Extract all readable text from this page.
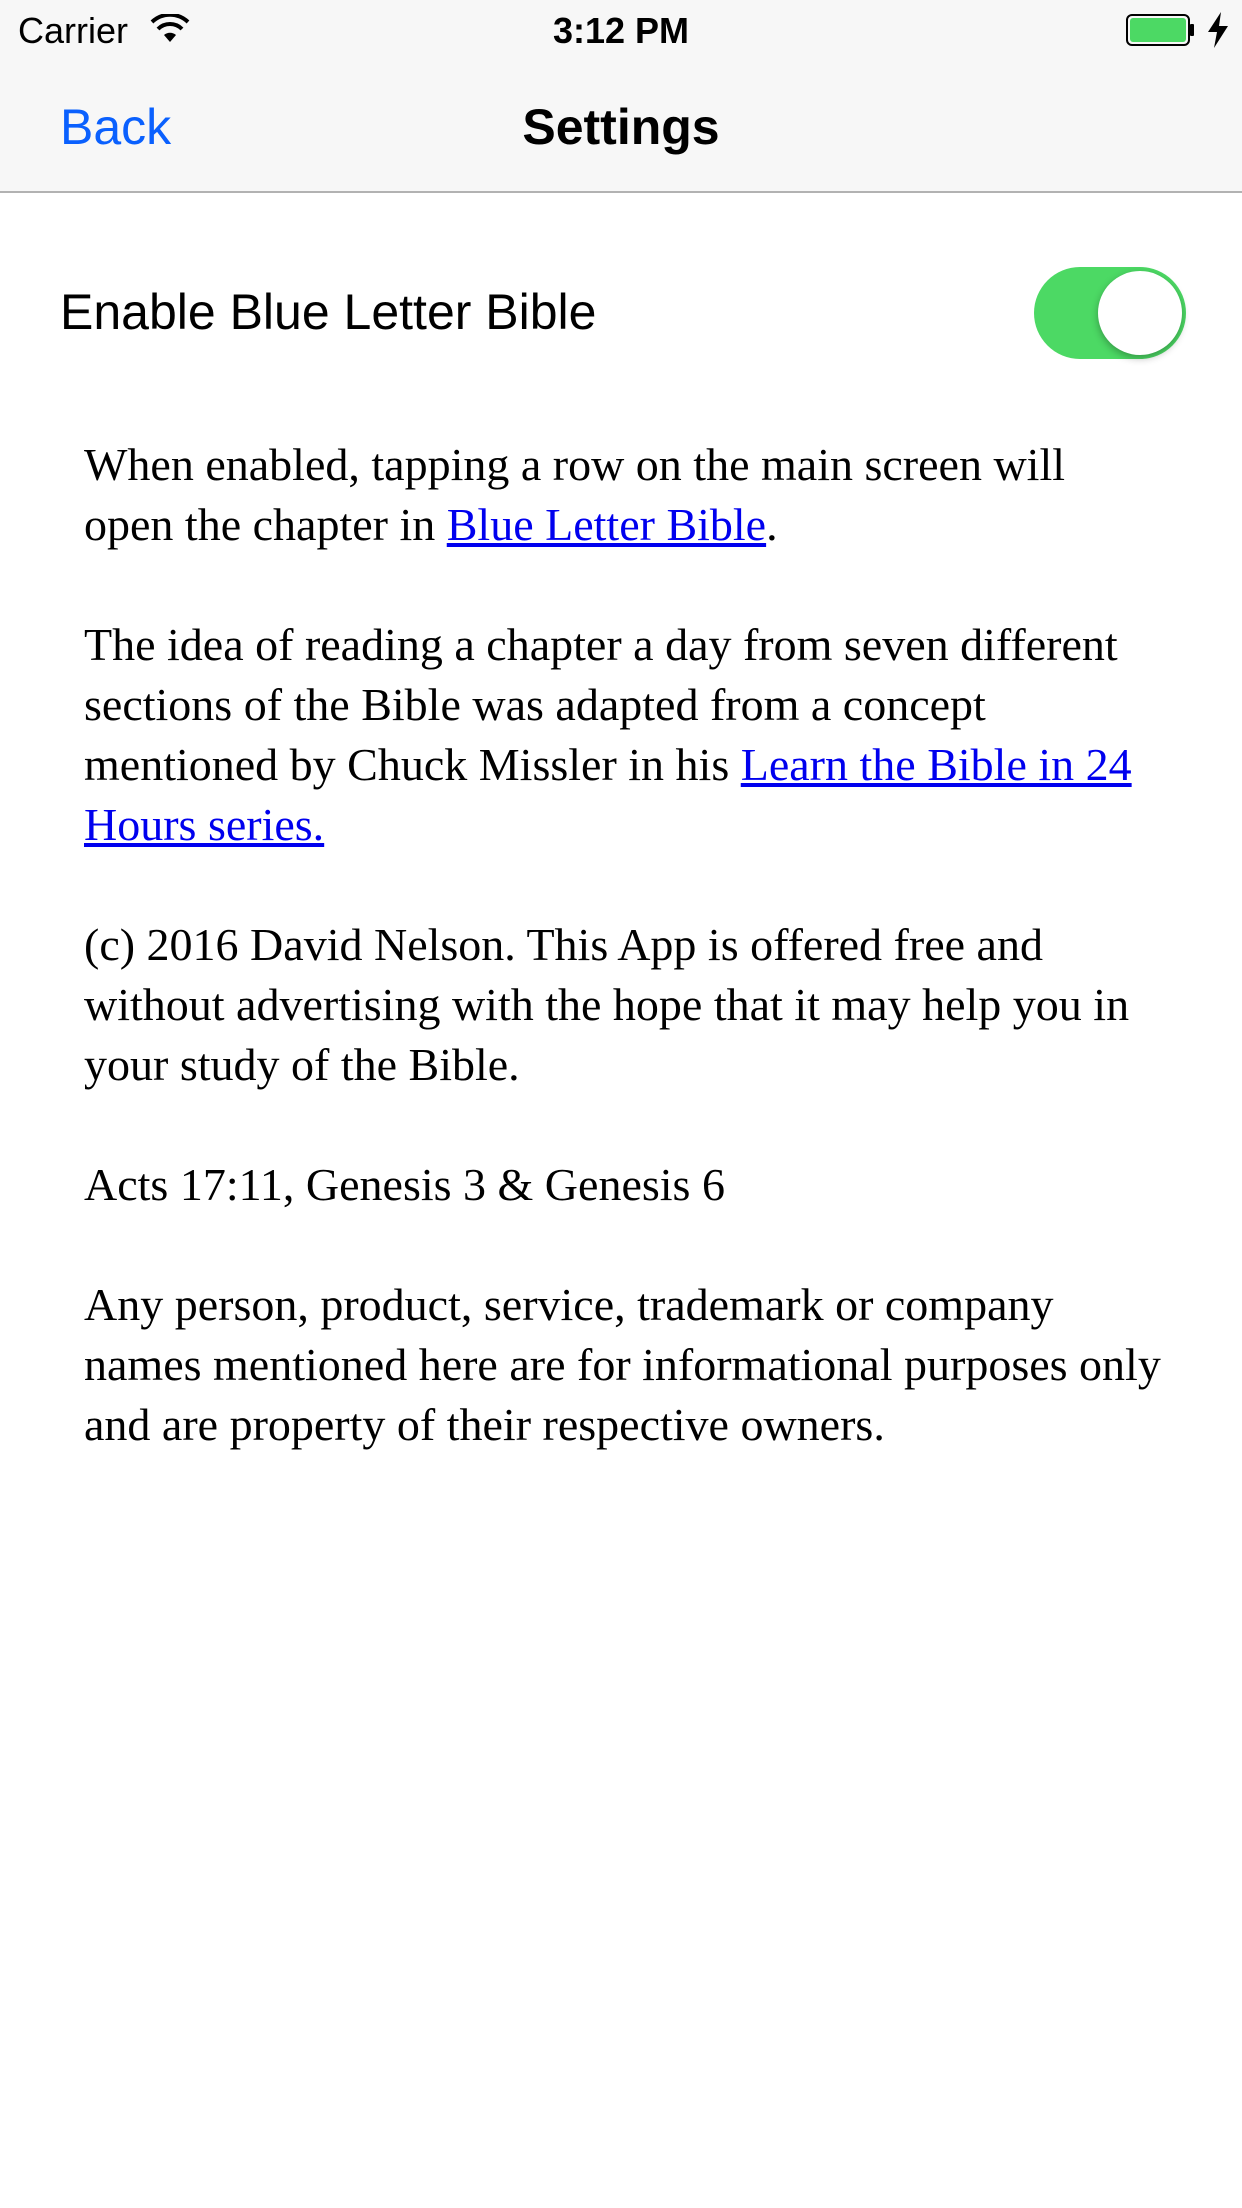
Carrier	3:12 PM
Back	Settings
Enable Blue Letter Bible

When enabled, tapping a row on the main screen will open the chapter in Blue Letter Bible.

The idea of reading a chapter a day from seven different sections of the Bible was adapted from a concept mentioned by Chuck Missler in his Learn the Bible in 24 Hours series.

(c) 2016 David Nelson. This App is offered free and without advertising with the hope that it may help you in your study of the Bible.

Acts 17:11, Genesis 3 & Genesis 6

Any person, product, service, trademark or company names mentioned here are for informational purposes only and are property of their respective owners.
